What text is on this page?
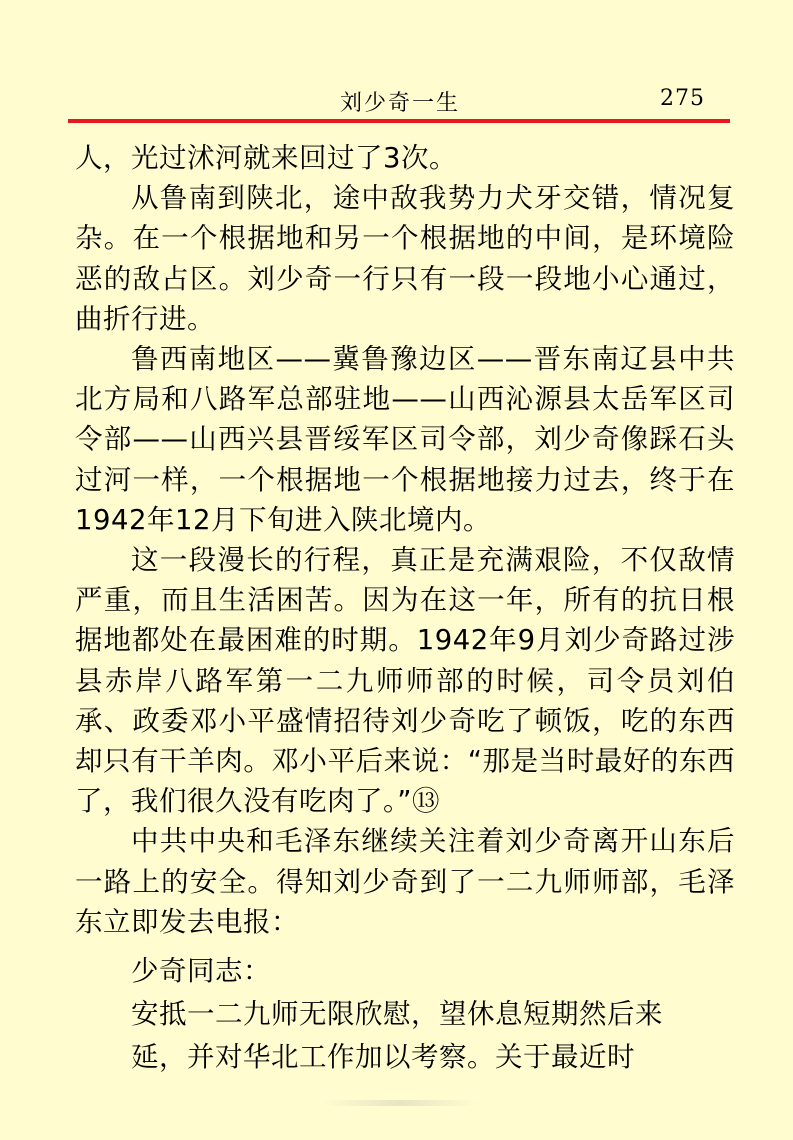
刘少奇一生	275

人，光过沭河就来回过了3次。

从鲁南到陕北，途中敌我势力犬牙交错，情况复杂。在一个根据地和另一个根据地的中间，是环境险恶的敌占区。刘少奇一行只有一段一段地小心通过，曲折行进。

鲁西南地区——冀鲁豫边区——晋东南辽县中共北方局和八路军总部驻地——山西沁源县太岳军区司令部——山西兴县晋绥军区司令部，刘少奇像踩石头过河一样，一个根据地一个根据地接力过去，终于在1942年12月下旬进入陕北境内。

这一段漫长的行程，真正是充满艰险，不仅敌情严重，而且生活困苦。因为在这一年，所有的抗日根据地都处在最困难的时期。1942年9月刘少奇路过涉县赤岸八路军第一二九师师部的时候，司令员刘伯承、政委邓小平盛情招待刘少奇吃了顿饭，吃的东西却只有干羊肉。邓小平后来说：“那是当时最好的东西了，我们很久没有吃肉了。”⑬

中共中央和毛泽东继续关注着刘少奇离开山东后一路上的安全。得知刘少奇到了一二九师师部，毛泽东立即发去电报：

少奇同志：

安抵一二九师无限欣慰，望休息短期然后来延，并对华北工作加以考察。关于最近时
